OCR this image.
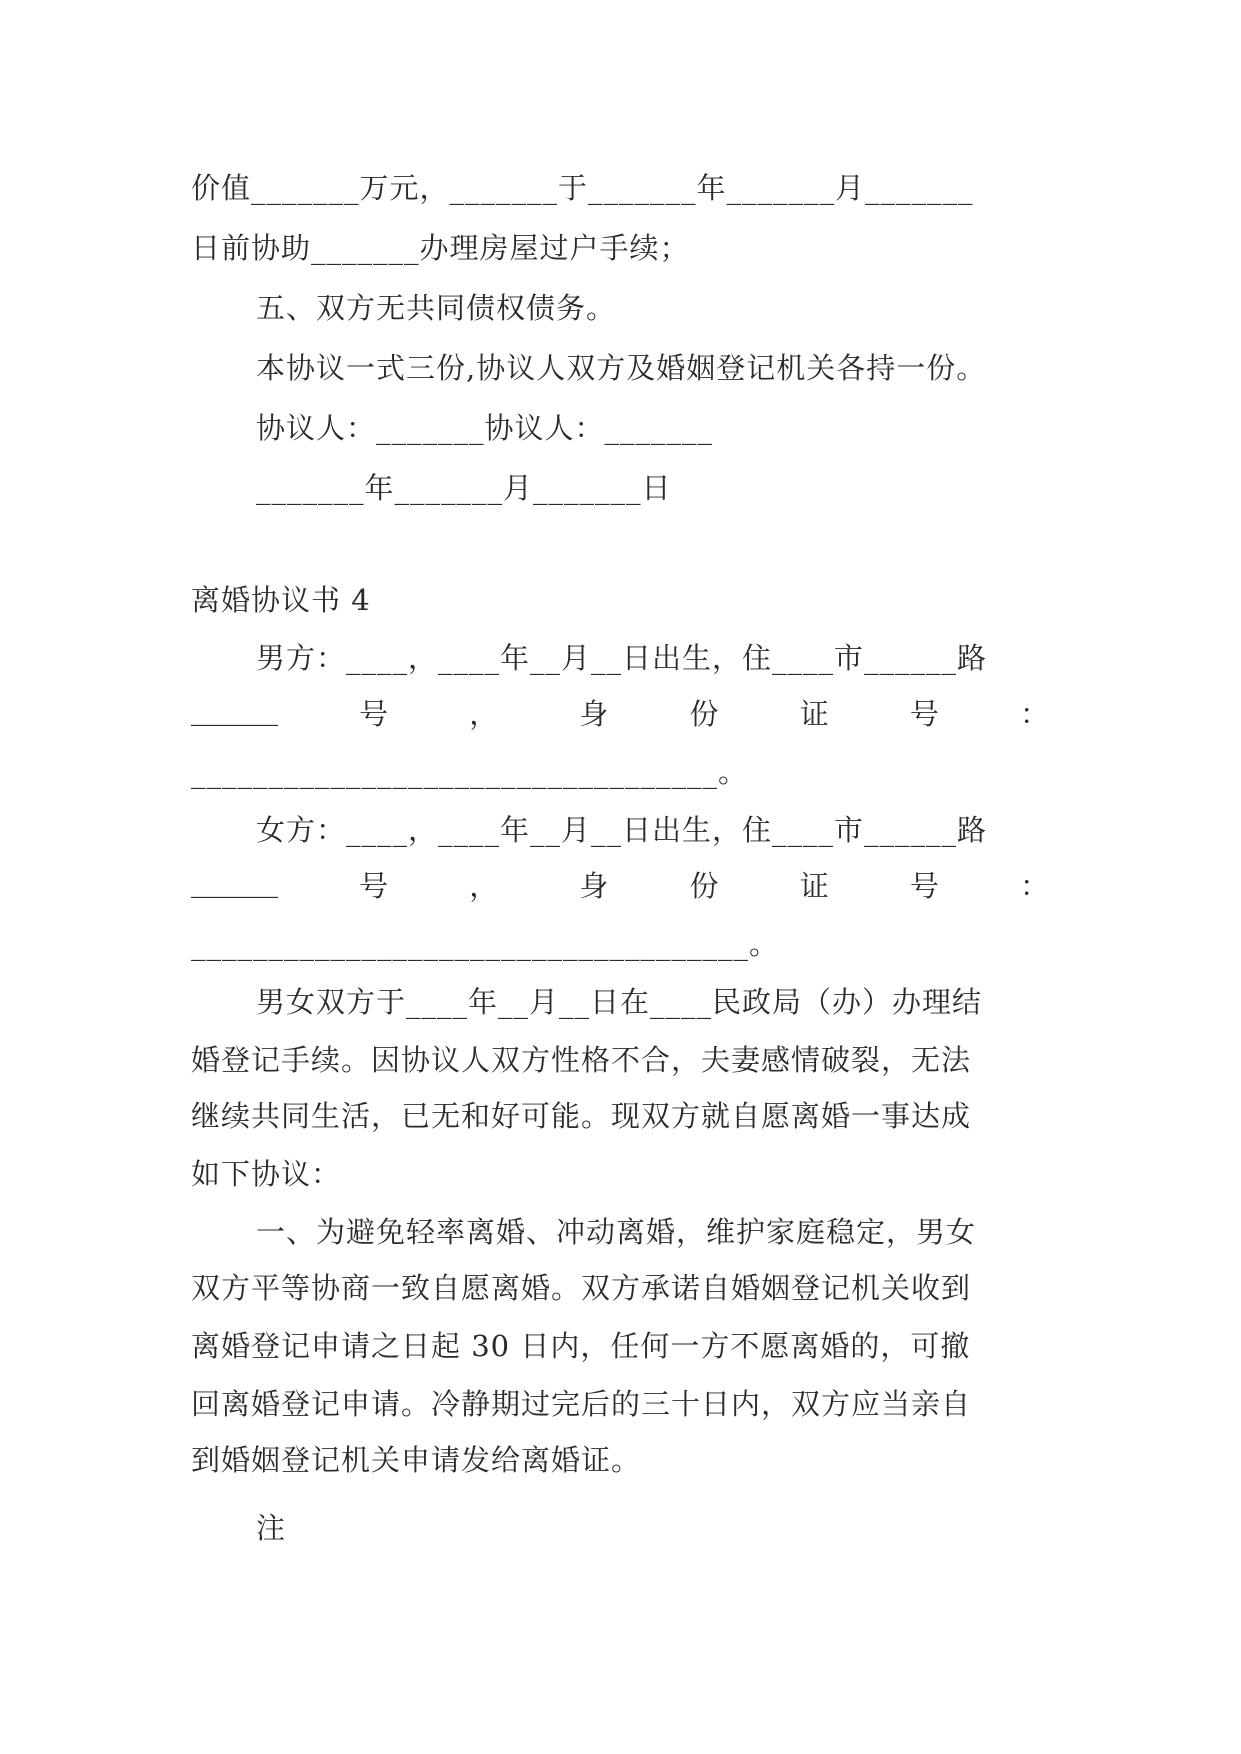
价值_______万元，_______于_______年_______月_______
日前协助_______办理房屋过户手续；
五、双方无共同债权债务。
本协议一式三份,协议人双方及婚姻登记机关各持一份。
协议人：_______协议人：_______
_______年_______月_______日
离婚协议书 4
男方：____，____年__月__日出生，住____市______路
______	号	，	身	份	证	号	：
__________________________________。
女方：____，____年__月__日出生，住____市______路
______	号	，	身	份	证	号	：
____________________________________。
男女双方于____年__月__日在____民政局（办）办理结
婚登记手续。因协议人双方性格不合，夫妻感情破裂，无法
继续共同生活，已无和好可能。现双方就自愿离婚一事达成
如下协议：
一、为避免轻率离婚、冲动离婚，维护家庭稳定，男女
双方平等协商一致自愿离婚。双方承诺自婚姻登记机关收到
离婚登记申请之日起 30 日内，任何一方不愿离婚的，可撤
回离婚登记申请。冷静期过完后的三十日内，双方应当亲自
到婚姻登记机关申请发给离婚证。
注
